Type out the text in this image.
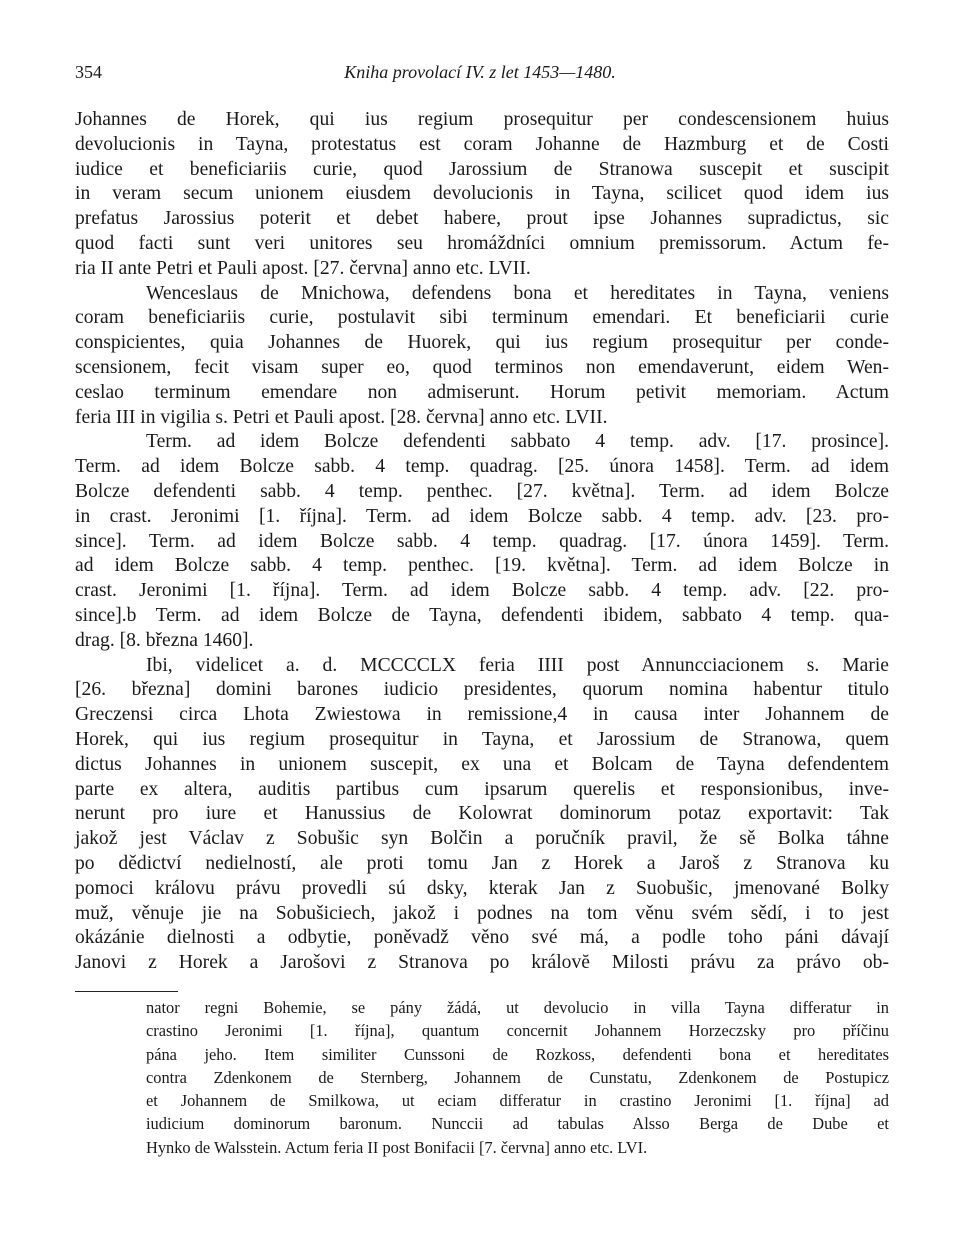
354	Kniha provolací IV. z let 1453—1480.
Johannes de Horek, qui ius regium prosequitur per condescensionem huius
devolucionis in Tayna, protestatus est coram Johanne de Hazmburg et de Costi
iudice et beneficiariis curie, quod Jarossium de Stranowa suscepit et suscipit
in veram secum unionem eiusdem devolucionis in Tayna, scilicet quod idem ius
prefatus Jarossius poterit et debet habere, prout ipse Johannes supradictus, sic
quod facti sunt veri unitores seu hromáždníci omnium premissorum. Actum fe-
ria II ante Petri et Pauli apost. [27. června] anno etc. LVII.
Wenceslaus de Mnichowa, defendens bona et hereditates in Tayna, veniens
coram beneficiariis curie, postulavit sibi terminum emendari. Et beneficiarii curie
conspicientes, quia Johannes de Huorek, qui ius regium prosequitur per conde-
scensionem, fecit visam super eo, quod terminos non emendaverunt, eidem Wen-
ceslao terminum emendare non admiserunt. Horum petivit memoriam. Actum
feria III in vigilia s. Petri et Pauli apost. [28. června] anno etc. LVII.
Term. ad idem Bolcze defendenti sabbato 4 temp. adv. [17. prosince].
Term. ad idem Bolcze sabb. 4 temp. quadrag. [25. února 1458]. Term. ad idem
Bolcze defendenti sabb. 4 temp. penthec. [27. května]. Term. ad idem Bolcze
in crast. Jeronimi [1. října]. Term. ad idem Bolcze sabb. 4 temp. adv. [23. pro-
since]. Term. ad idem Bolcze sabb. 4 temp. quadrag. [17. února 1459]. Term.
ad idem Bolcze sabb. 4 temp. penthec. [19. května]. Term. ad idem Bolcze in
crast. Jeronimi [1. října]. Term. ad idem Bolcze sabb. 4 temp. adv. [22. pro-
since].b Term. ad idem Bolcze de Tayna, defendenti ibidem, sabbato 4 temp. qua-
drag. [8. března 1460].
Ibi, videlicet a. d. MCCCCLX feria IIII post Annuncciacionem s. Marie
[26. března] domini barones iudicio presidentes, quorum nomina habentur titulo
Greczensi circa Lhota Zwiestowa in remissione,4 in causa inter Johannem de
Horek, qui ius regium prosequitur in Tayna, et Jarossium de Stranowa, quem
dictus Johannes in unionem suscepit, ex una et Bolcam de Tayna defendentem
parte ex altera, auditis partibus cum ipsarum querelis et responsionibus, inve-
nerunt pro iure et Hanussius de Kolowrat dominorum potaz exportavit: Tak
jakož jest Václav z Sobušic syn Bolčin a poručník pravil, že sě Bolka táhne
po dědictví nedielností, ale proti tomu Jan z Horek a Jaroš z Stranova ku
pomoci královu právu provedli sú dsky, kterak Jan z Suobušic, jmenované Bolky
muž, věnuje jie na Sobušiciech, jakož i podnes na tom věnu svém sědí, i to jest
okázánie dielnosti a odbytie, poněvadž věno své má, a podle toho páni dávají
Janovi z Horek a Jarošovi z Stranova po královĕ Milosti právu za právo ob-
nator regni Bohemie, se pány žádá, ut devolucio in villa Tayna differatur in
crastino Jeronimi [1. října], quantum concernit Johannem Horzeczsky pro příčinu
pána jeho. Item similiter Cunssoni de Rozkoss, defendenti bona et hereditates
contra Zdenkonem de Sternberg, Johannem de Cunstatu, Zdenkonem de Postupicz
et Johannem de Smilkowa, ut eciam differatur in crastino Jeronimi [1. října] ad
iudicium dominorum baronum. Nunccii ad tabulas Alsso Berga de Dube et
Hynko de Walsstein. Actum feria II post Bonifacii [7. června] anno etc. LVI.
